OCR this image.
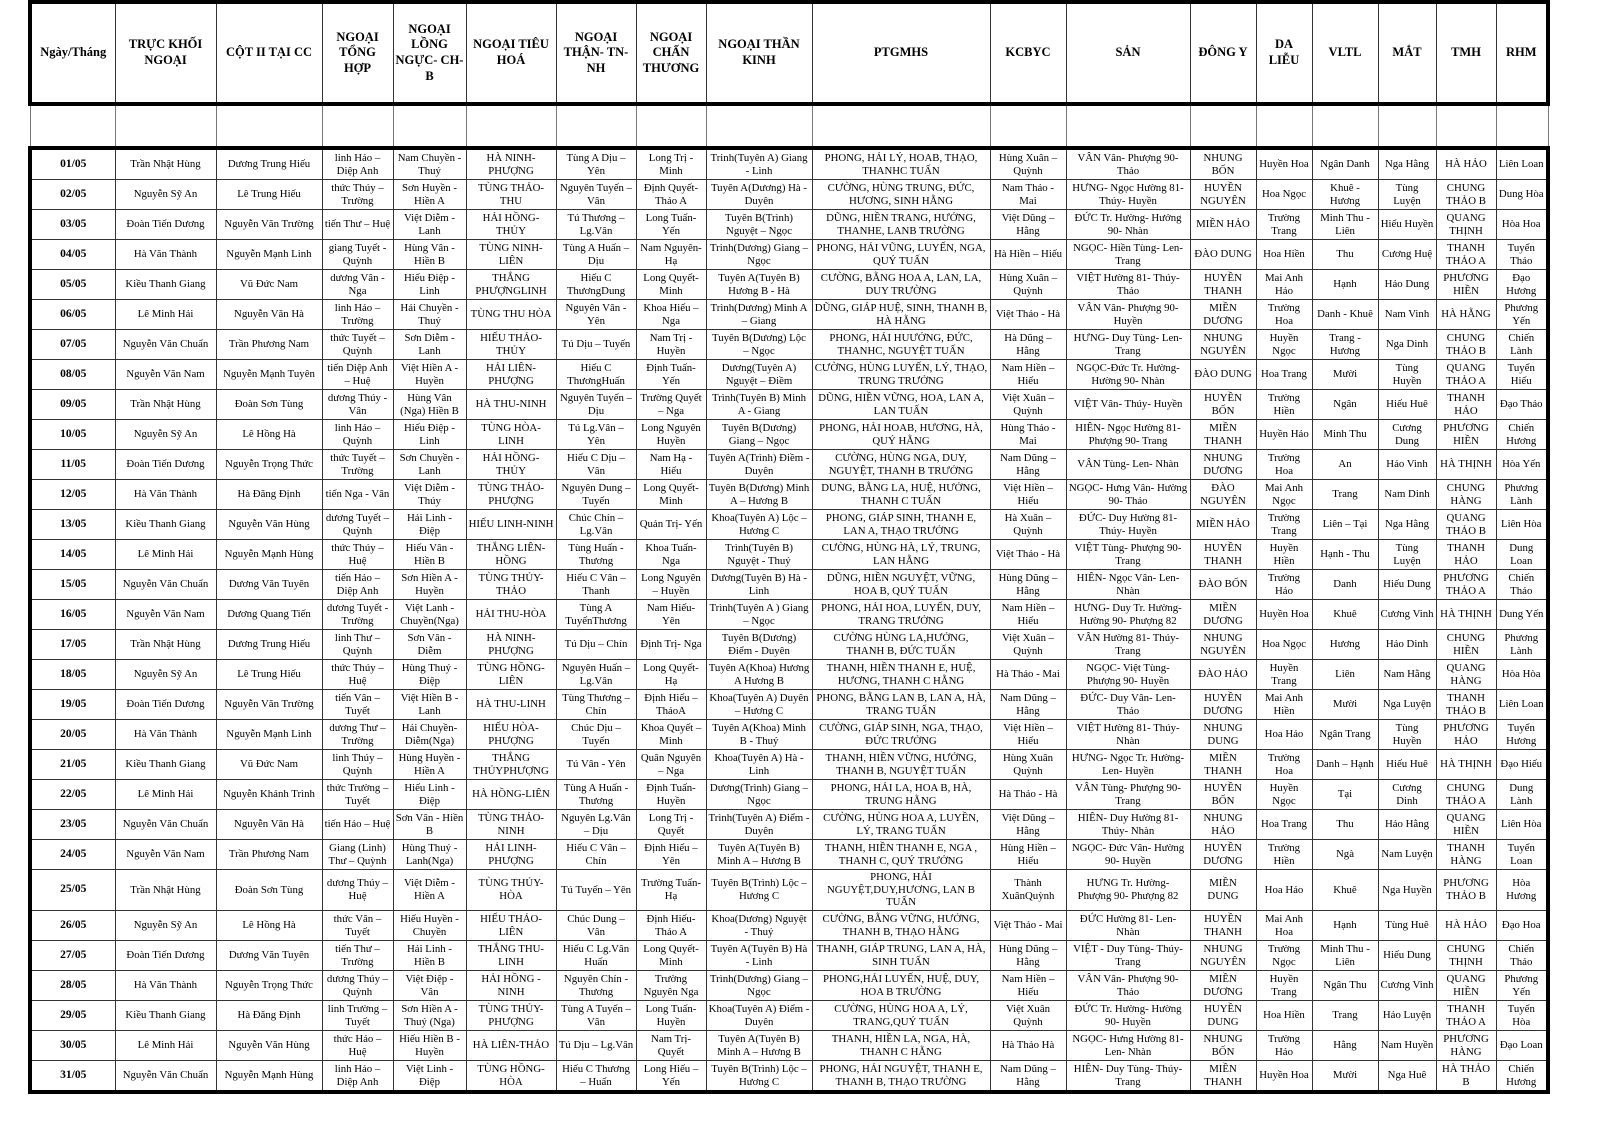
Ngày/Tháng	TRỰC KHỐI NGOẠI	CỘT II TẠI CC	NGOẠI TỔNG HỢP	NGOẠI LỒNG NGỰC- CH-B	NGOẠI TIÊU HOÁ	NGOẠI THẬN- TN-NH	NGOẠI CHẤN THƯƠNG	NGOẠI THẦN KINH	PTGMHS	KCBYC	SẢN	ĐÔNG Y	DA LIỄU	VLTL	MẮT	TMH	RHM
01/05	Trần Nhật Hùng	Dương Trung Hiếu	linh Hảo – Diệp Anh	Nam Chuyền - Thuý	HÀ NINH-PHƯỢNG	Tùng A Dịu – Yên	Long Trị - Minh	Trinh(Tuyên A) Giang - Linh	PHONG, HẢI LÝ, HOAB, THẠO, THANHC TUẤN	Hùng Xuân – Quỳnh	VÂN Vân- Phượng 90- Thảo	NHUNG BỐN	Huyền Hoa	Ngân Danh	Nga Hằng	HÀ HẢO	Liên Loan
02/05	Nguyễn Sỹ An	Lê Trung Hiếu	thức Thúy – Trường	Sơn Huyền - Hiền A	TÙNG THẢO-THU	Nguyên Tuyến – Vân	Định Quyết- Thảo A	Tuyên A(Dương) Hà - Duyên	CƯỜNG, HÙNG TRUNG, ĐỨC, HƯƠNG, SINH HẰNG	Nam Thảo - Mai	HƯNG- Ngọc Hường 81- Thúy- Huyền	HUYỀN NGUYÊN	Hoa Ngọc	Khuê - Hương	Tùng Luyện	CHUNG THẢO B	Dung Hòa
03/05	Đoàn Tiến Dương	Nguyễn Văn Trường	tiến Thư – Huệ	Việt Diễm - Lanh	HẢI HỒNG-THỦY	Tú Thương – Lg.Vân	Long Tuấn- Yến	Tuyên B(Trình) Nguyệt – Ngọc	DŨNG, HIỀN TRANG, HƯỞNG, THANHE, LANB TRƯỜNG	Việt Dũng – Hằng	ĐỨC Tr. Hường- Hưởng 90- Nhàn	MIỀN HẢO	Trường Trang	Minh Thu - Liên	Hiếu Huyền	QUANG THỊNH	Hòa Hoa
04/05	Hà Văn Thành	Nguyễn Mạnh Linh	giang Tuyết - Quỳnh	Hùng Vân - Hiền B	TÙNG NINH-LIÊN	Tùng A Huấn – Dịu	Nam Nguyên- Hạ	Trinh(Dương) Giang – Ngọc	PHONG, HẢI VŨNG, LUYẾN, NGA, QUÝ TUẤN	Hà Hiền – Hiếu	NGỌC- Hiền Tùng- Len- Trang	ĐÀO DUNG	Hoa Hiền	Thu	Cương Huệ	THANH THẢO A	Tuyến Thảo
05/05	Kiều Thanh Giang	Vũ Đức Nam	dương Vân - Nga	Hiếu Điệp - Linh	THẮNG PHƯỢNGLINH	Hiếu C ThươngDung	Long Quyết- Minh	Tuyên A(Tuyên B) Hương B - Hà	CƯỜNG, BẰNG HOA A, LAN, LA, DUY TRƯỜNG	Hùng Xuân – Quỳnh	VIỆT Hường 81- Thúy- Thảo	HUYỀN THANH	Mai Anh Hảo	Hạnh	Hảo Dung	PHƯƠNG HIỀN	Đạo Hương
06/05	Lê Minh Hải	Nguyễn Văn Hà	linh Hảo – Trường	Hải Chuyền - Thuý	TÙNG THU HÒA	Nguyên Vân - Yên	Khoa Hiếu – Nga	Trình(Dương) Minh A – Giang	DŨNG, GIÁP HUỆ, SINH, THANH B, HÀ HẰNG	Việt Thảo - Hà	VÂN Vân- Phượng 90- Huyền	MIỀN DƯƠNG	Trường Hoa	Danh - Khuê	Nam Vinh	HÀ HẰNG	Phương Yến
07/05	Nguyễn Văn Chuẩn	Trần Phương Nam	thức Tuyết – Quỳnh	Sơn Diễm - Lanh	HIẾU THẢO-THỦY	Tú Dịu – Tuyến	Nam Trị - Huyền	Tuyên B(Dương) Lộc – Ngọc	PHONG, HẢI HUƯỞNG, ĐỨC, THANHC, NGUYỆT TUẤN	Hà Dũng – Hằng	HƯNG- Duy Tùng- Len- Trang	NHUNG NGUYÊN	Huyền Ngọc	Trang - Hương	Nga Dinh	CHUNG THẢO B	Chiến Lành
08/05	Nguyễn Văn Nam	Nguyễn Mạnh Tuyên	tiến Diệp Anh – Huệ	Việt Hiền A - Huyền	HẢI LIÊN-PHƯỢNG	Hiếu C ThươngHuấn	Định Tuấn- Yến	Dương(Tuyên A) Nguyệt – Điềm	CƯỜNG, HÙNG LUYẾN, LÝ, THẠO, TRUNG TRƯỞNG	Nam Hiền – Hiếu	NGỌC-Đức Tr. Hường- Hường 90- Nhàn	ĐÀO DUNG	Hoa Trang	Mười	Tùng Huyền	QUANG THẢO A	Tuyến Hiếu
09/05	Trần Nhật Hùng	Đoàn Sơn Tùng	dương Thúy - Vân	Hùng Vân (Nga) Hiền B	HÀ THU-NINH	Nguyên Tuyến – Dịu	Trường Quyết – Nga	Trình(Tuyên B) Minh A - Giang	DŨNG, HIỀN VỮNG, HOA, LAN A, LAN TUẤN	Việt Xuân – Quỳnh	VIỆT Vân- Thúy- Huyền	HUYỀN BỐN	Trường Hiền	Ngân	Hiếu Huê	THANH HẢO	Đạo Thảo
10/05	Nguyễn Sỹ An	Lê Hồng Hà	linh Hảo – Quỳnh	Hiếu Điệp - Linh	TÙNG HÒA-LINH	Tú Lg.Vân – Yên	Long Nguyên Huyền	Tuyên B(Dương) Giang – Ngọc	PHONG, HẢI HOAB, HƯƠNG, HÀ, QUÝ HẰNG	Hùng Thảo - Mai	HIÊN- Ngọc Hường 81- Phượng 90- Trang	MIỀN THANH	Huyền Hảo	Minh Thu	Cương Dung	PHƯƠNG HIỀN	Chiến Hương
11/05	Đoàn Tiến Dương	Nguyễn Trọng Thức	thức Tuyết – Trường	Sơn Chuyền - Lanh	HẢI HỒNG-THỦY	Hiểu C Dịu – Vân	Nam Hạ - Hiếu	Tuyên A(Trình) Điềm - Duyên	CƯỜNG, HÙNG NGA, DUY, NGUYỆT, THANH B TRƯỞNG	Nam Dũng – Hằng	VÂN Tùng- Len- Nhàn	NHUNG DƯƠNG	Trường Hoa	An	Hảo Vinh	HÀ THỊNH	Hòa Yến
12/05	Hà Văn Thành	Hà Đăng Định	tiến Nga - Vân	Việt Diễm - Thúy	TÙNG THẢO-PHƯỢNG	Nguyên Dung – Tuyến	Long Quyết- Minh	Tuyên B(Dương) Minh A – Hương B	DUNG, BẰNG LA, HUỆ, HƯỞNG, THANH C TUẤN	Việt Hiền – Hiếu	NGỌC- Hưng Vân- Hường 90- Thảo	ĐÀO NGUYÊN	Mai Anh Ngọc	Trang	Nam Dinh	CHUNG HÀNG	Phương Lành
13/05	Kiều Thanh Giang	Nguyễn Văn Hùng	dương Tuyết – Quỳnh	Hải Linh - Điệp	HIẾU LINH-NINH	Chúc Chín – Lg.Vân	Quản Trị- Yến	Khoa(Tuyên A) Lộc – Hương C	PHONG, GIÁP SINH, THANH E, LAN A, THẠO TRƯỞNG	Hà Xuân – Quỳnh	ĐỨC- Duy Hường 81- Thúy- Huyền	MIỀN HẢO	Trường Trang	Liên – Tại	Nga Hằng	QUANG THẢO B	Liên Hòa
14/05	Lê Minh Hải	Nguyễn Mạnh Hùng	thức Thúy – Huệ	Hiếu Vân - Hiền B	THẮNG LIÊN-HỒNG	Tùng Huấn - Thương	Khoa Tuấn- Nga	Trình(Tuyên B) Nguyệt - Thuý	CƯỜNG, HÙNG HÀ, LÝ, TRUNG, LAN HẰNG	Việt Thảo - Hà	VIỆT Tùng- Phượng 90- Trang	HUYỀN THANH	Huyền Hiền	Hạnh - Thu	Tùng Luyện	THANH HẢO	Dung Loan
15/05	Nguyễn Văn Chuẩn	Dương Văn Tuyên	tiến Hảo – Diệp Anh	Sơn Hiền A - Huyền	TÙNG THỦY-THẢO	Hiếu C Vân – Thanh	Long Nguyên – Huyền	Dương(Tuyên B) Hà - Linh	DŨNG, HIỀN NGUYỆT, VỮNG, HOA B, QUÝ TUẤN	Hùng Dũng – Hằng	HIÊN- Ngọc Vân- Len- Nhàn	ĐÀO BỐN	Trường Hảo	Danh	Hiếu Dung	PHƯƠNG THẢO A	Chiến Thảo
16/05	Nguyễn Văn Nam	Dương Quang Tiến	dương Tuyết - Trường	Việt Lanh - Chuyền(Nga)	HẢI THU-HÒA	Tùng A TuyếnThương	Nam Hiếu- Yên	Trình(Tuyên A ) Giang – Ngọc	PHONG, HẢI HOA, LUYẾN, DUY, TRANG TRƯỞNG	Nam Hiền – Hiếu	HƯNG- Duy Tr. Hường- Hường 90- Phượng 82	MIỀN DƯƠNG	Huyền Hoa	Khuê	Cương Vinh	HÀ THỊNH	Dung Yến
17/05	Trần Nhật Hùng	Dương Trung Hiếu	linh Thư – Quỳnh	Sơn Vân - Diễm	HÀ NINH-PHƯỢNG	Tú Dịu – Chín	Định Trị- Nga	Tuyên B(Dương) Điểm - Duyên	CƯỜNG HÙNG LA,HƯỞNG, THANH B, ĐỨC TUẤN	Việt Xuân – Quỳnh	VÂN Hường 81- Thúy- Trang	NHUNG NGUYÊN	Hoa Ngọc	Hương	Hảo Dinh	CHUNG HIỀN	Phương Lành
18/05	Nguyễn Sỹ An	Lê Trung Hiếu	thức Thúy – Huệ	Hùng Thuý - Điệp	TÙNG HỒNG-LIÊN	Nguyên Huấn – Lg.Vân	Long Quyết- Hạ	Tuyên A(Khoa) Hương A Hương B	THANH, HIỀN THANH E, HUỆ, HƯƠNG, THANH C HẰNG	Hà Thảo - Mai	NGỌC- Việt Tùng- Phượng 90- Huyền	ĐÀO HẢO	Huyền Trang	Liên	Nam Hằng	QUANG HÀNG	Hòa Hòa
19/05	Đoàn Tiến Dương	Nguyễn Văn Trường	tiến Vân – Tuyết	Việt Hiền B - Lanh	HÀ THU-LINH	Tùng Thương – Chín	Định Hiếu – ThảoA	Khoa(Tuyên A) Duyên – Hương C	PHONG, BẰNG LAN B, LAN A, HÀ, TRANG TUẤN	Nam Dũng – Hằng	ĐỨC- Duy Vân- Len- Thảo	HUYỀN DƯƠNG	Mai Anh Hiền	Mười	Nga Luyện	THANH THẢO B	Liên Loan
20/05	Hà Văn Thành	Nguyễn Mạnh Linh	dương Thư – Trường	Hải Chuyền- Diễm(Nga)	HIẾU HÒA-PHƯỢNG	Chúc Dịu – Tuyến	Khoa Quyết – Minh	Tuyên A(Khoa) Minh B - Thuý	CƯỜNG, GIÁP SINH, NGA, THẠO, ĐỨC TRƯỞNG	Việt Hiền – Hiếu	VIỆT Hường 81- Thúy- Nhàn	NHUNG DUNG	Hoa Hảo	Ngân Trang	Tùng Huyền	PHƯƠNG HẢO	Tuyến Hương
21/05	Kiều Thanh Giang	Vũ Đức Nam	linh Thúy – Quỳnh	Hùng Huyền - Hiền A	THẮNG THỦYPHƯỢNG	Tú Vân - Yên	Quân Nguyên – Nga	Khoa(Tuyên A) Hà - Linh	THANH, HIỀN VỮNG, HƯỞNG, THANH B, NGUYỆT TUẤN	Hùng Xuân Quỳnh	HƯNG- Ngọc Tr. Hường- Len- Huyền	MIỀN THANH	Trường Hoa	Danh – Hạnh	Hiếu Huê	HÀ THỊNH	Đạo Hiếu
22/05	Lê Minh Hải	Nguyễn Khánh Trình	thức Trường – Tuyết	Hiếu Linh - Điệp	HÀ HỒNG-LIÊN	Tùng A Huấn - Thương	Định Tuấn- Huyền	Dương(Trình) Giang – Ngọc	PHONG, HẢI LA, HOA B, HÀ, TRUNG HẰNG	Hà Thảo - Hà	VÂN Tùng- Phượng 90- Trang	HUYỀN BỐN	Huyền Ngọc	Tại	Cương Dinh	CHUNG THẢO A	Dung Lành
23/05	Nguyễn Văn Chuẩn	Nguyễn Văn Hà	tiến Hảo – Huệ	Sơn Vân - Hiền B	TÙNG THẢO-NINH	Nguyên Lg.Vân – Dịu	Long Trị - Quyết	Trình(Tuyên A) Điểm - Duyên	CƯỜNG, HÙNG HOA A, LUYỀN, LÝ, TRANG TUẤN	Việt Dũng – Hằng	HIÊN- Duy Hường 81- Thúy- Nhàn	NHUNG HẢO	Hoa Trang	Thu	Hảo Hằng	QUANG HIỀN	Liên Hòa
24/05	Nguyễn Văn Nam	Trần Phương Nam	Giang (Linh) Thư – Quỳnh	Hùng Thuý - Lanh(Nga)	HẢI LINH-PHƯỢNG	Hiếu C Vân – Chín	Định Hiếu – Yên	Tuyên A(Tuyên B) Minh A – Hương B	THANH, HIỀN THANH E, NGA , THANH C, QUÝ TRƯỞNG	Hùng Hiền – Hiếu	NGỌC- Đức Vân- Hường 90- Huyền	HUYỀN DƯƠNG	Trường Hiền	Ngà	Nam Luyện	THANH HÀNG	Tuyến Loan
25/05	Trần Nhật Hùng	Đoàn Sơn Tùng	dương Thúy – Huệ	Việt Diễm - Hiền A	TÙNG THỦY-HÒA	Tú Tuyến – Yên	Trường Tuấn- Hạ	Tuyên B(Trình) Lộc – Hương C	PHONG, HẢI NGUYỆT,DUY,HƯƠNG, LAN B TUẤN	Thành XuânQuỳnh	HƯNG Tr. Hường- Phượng 90- Phượng 82	MIỀN DUNG	Hoa Hảo	Khuê	Nga Huyền	PHƯƠNG THẢO B	Hòa Hương
26/05	Nguyễn Sỹ An	Lê Hồng Hà	thức Vân – Tuyết	Hiếu Huyền - Chuyền	HIẾU THẢO-LIÊN	Chúc Dung – Vân	Định Hiếu- Thảo A	Khoa(Dương) Nguyệt - Thuý	CƯỜNG, BẰNG VỮNG, HƯỞNG, THANH B, THẠO HẰNG	Việt Thảo - Mai	ĐỨC Hường 81- Len- Nhàn	HUYỀN THANH	Mai Anh Hoa	Hạnh	Tùng Huê	HÀ HẢO	Đạo Hoa
27/05	Đoàn Tiến Dương	Dương Văn Tuyên	tiến Thư – Trường	Hải Linh - Hiền B	THẮNG THU-LINH	Hiếu C Lg.Vân Huấn	Long Quyết- Minh	Tuyên A(Tuyên B) Hà - Linh	THANH, GIÁP TRUNG, LAN A, HÀ, SINH TUẤN	Hùng Dũng – Hằng	VIỆT - Duy Tùng- Thúy- Trang	NHUNG NGUYÊN	Trường Ngọc	Minh Thu - Liên	Hiếu Dung	CHUNG THỊNH	Chiến Thảo
28/05	Hà Văn Thành	Nguyễn Trọng Thức	dương Thúy – Quỳnh	Việt Điệp - Vân	HẢI HỒNG - NINH	Nguyên Chín - Thương	Trường Nguyên Nga	Trình(Dương) Giang – Ngọc	PHONG,HẢI LUYẾN, HUỆ, DUY, HOA B TRƯỜNG	Nam Hiền – Hiếu	VÂN Vân- Phượng 90- Thảo	MIỀN DƯƠNG	Huyền Trang	Ngân Thu	Cương Vinh	QUANG HIỀN	Phương Yến
29/05	Kiều Thanh Giang	Hà Đăng Định	linh Trường – Tuyết	Sơn Hiền A - Thuý (Nga)	TÙNG THỦY-PHƯỢNG	Tùng A Tuyến – Vân	Long Tuấn- Huyền	Khoa(Tuyên A) Điểm - Duyên	CƯỜNG, HÙNG HOA A, LÝ, TRANG,QUÝ TUẤN	Việt Xuân Quỳnh	ĐỨC Tr. Hường- Hường 90- Huyền	HUYỀN DUNG	Hoa Hiền	Trang	Hảo Luyện	THANH THẢO A	Tuyến Hòa
30/05	Lê Minh Hải	Nguyễn Văn Hùng	thức Hảo – Huệ	Hiếu Hiền B - Huyền	HÀ LIÊN-THẢO	Tú Dịu – Lg.Vân	Nam Trị- Quyết	Tuyên A(Tuyên B) Minh A – Hương B	THANH, HIỀN LA, NGA, HÀ, THANH C HẰNG	Hà Thảo Hà	NGỌC- Hưng Hường 81- Len- Nhàn	NHUNG BỐN	Trường Hảo	Hằng	Nam Huyền	PHƯƠNG HÀNG	Đạo Loan
31/05	Nguyễn Văn Chuẩn	Nguyễn Mạnh Hùng	linh Hảo – Diệp Anh	Việt Linh - Điệp	TÙNG HỒNG-HÒA	Hiếu C Thương – Huấn	Long Hiếu – Yến	Tuyên B(Trình) Lộc – Hương C	PHONG, HẢI NGUYỆT, THANH E, THANH B, THẠO TRƯỜNG	Nam Dũng – Hằng	HIÊN- Duy Tùng- Thúy- Trang	MIỀN THANH	Huyền Hoa	Mười	Nga Huê	HÀ THẢO B	Chiến Hương
